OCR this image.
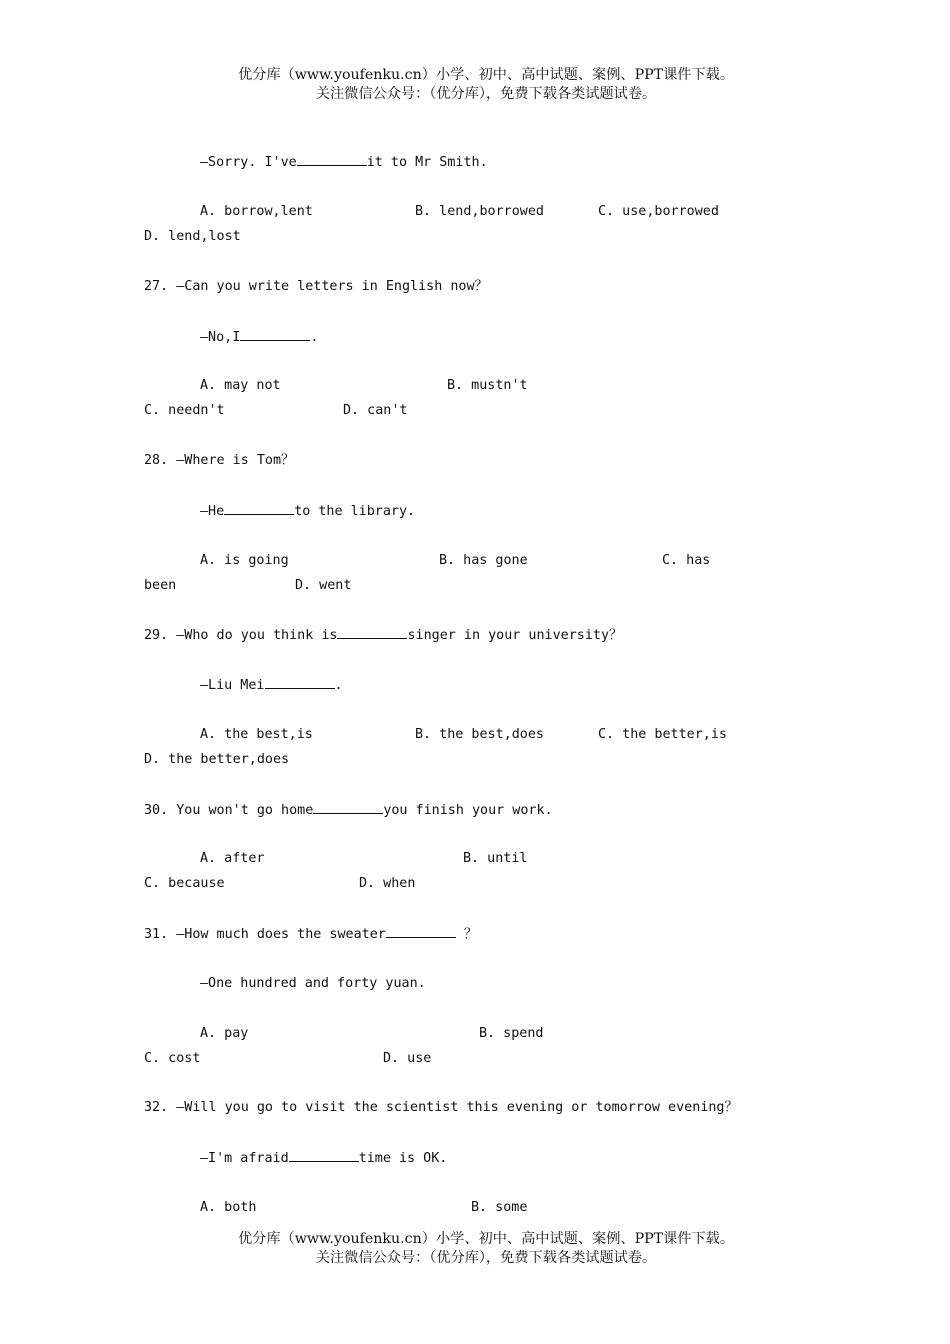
优分库（www.youfenku.cn）小学、初中、高中试题、案例、PPT课件下载。
关注微信公众号：（优分库），免费下载各类试题试卷。
—Sorry. I've	it to Mr Smith.
A. borrow,lent	B. lend,borrowed	C. use,borrowed
D. lend,lost
27. —Can you write letters in English now？
—No,I	.
A. may not	B. mustn't
C. needn't	D. can't
28. —Where is Tom？
—He	to the library.
A. is going	B. has gone	C. has
been	D. went
29. —Who do you think is	singer in your university？
—Liu Mei	.
A. the best,is	B. the best,does	C. the better,is
D. the better,does
30. You won't go home	you finish your work.
A. after	B. until
C. because	D. when
31. —How much does the sweater	？
—One hundred and forty yuan.
A. pay	B. spend
C. cost	D. use
32. —Will you go to visit the scientist this evening or tomorrow evening？
—I'm afraid	time is OK.
A. both	B. some
优分库（www.youfenku.cn）小学、初中、高中试题、案例、PPT课件下载。
关注微信公众号：（优分库），免费下载各类试题试卷。
